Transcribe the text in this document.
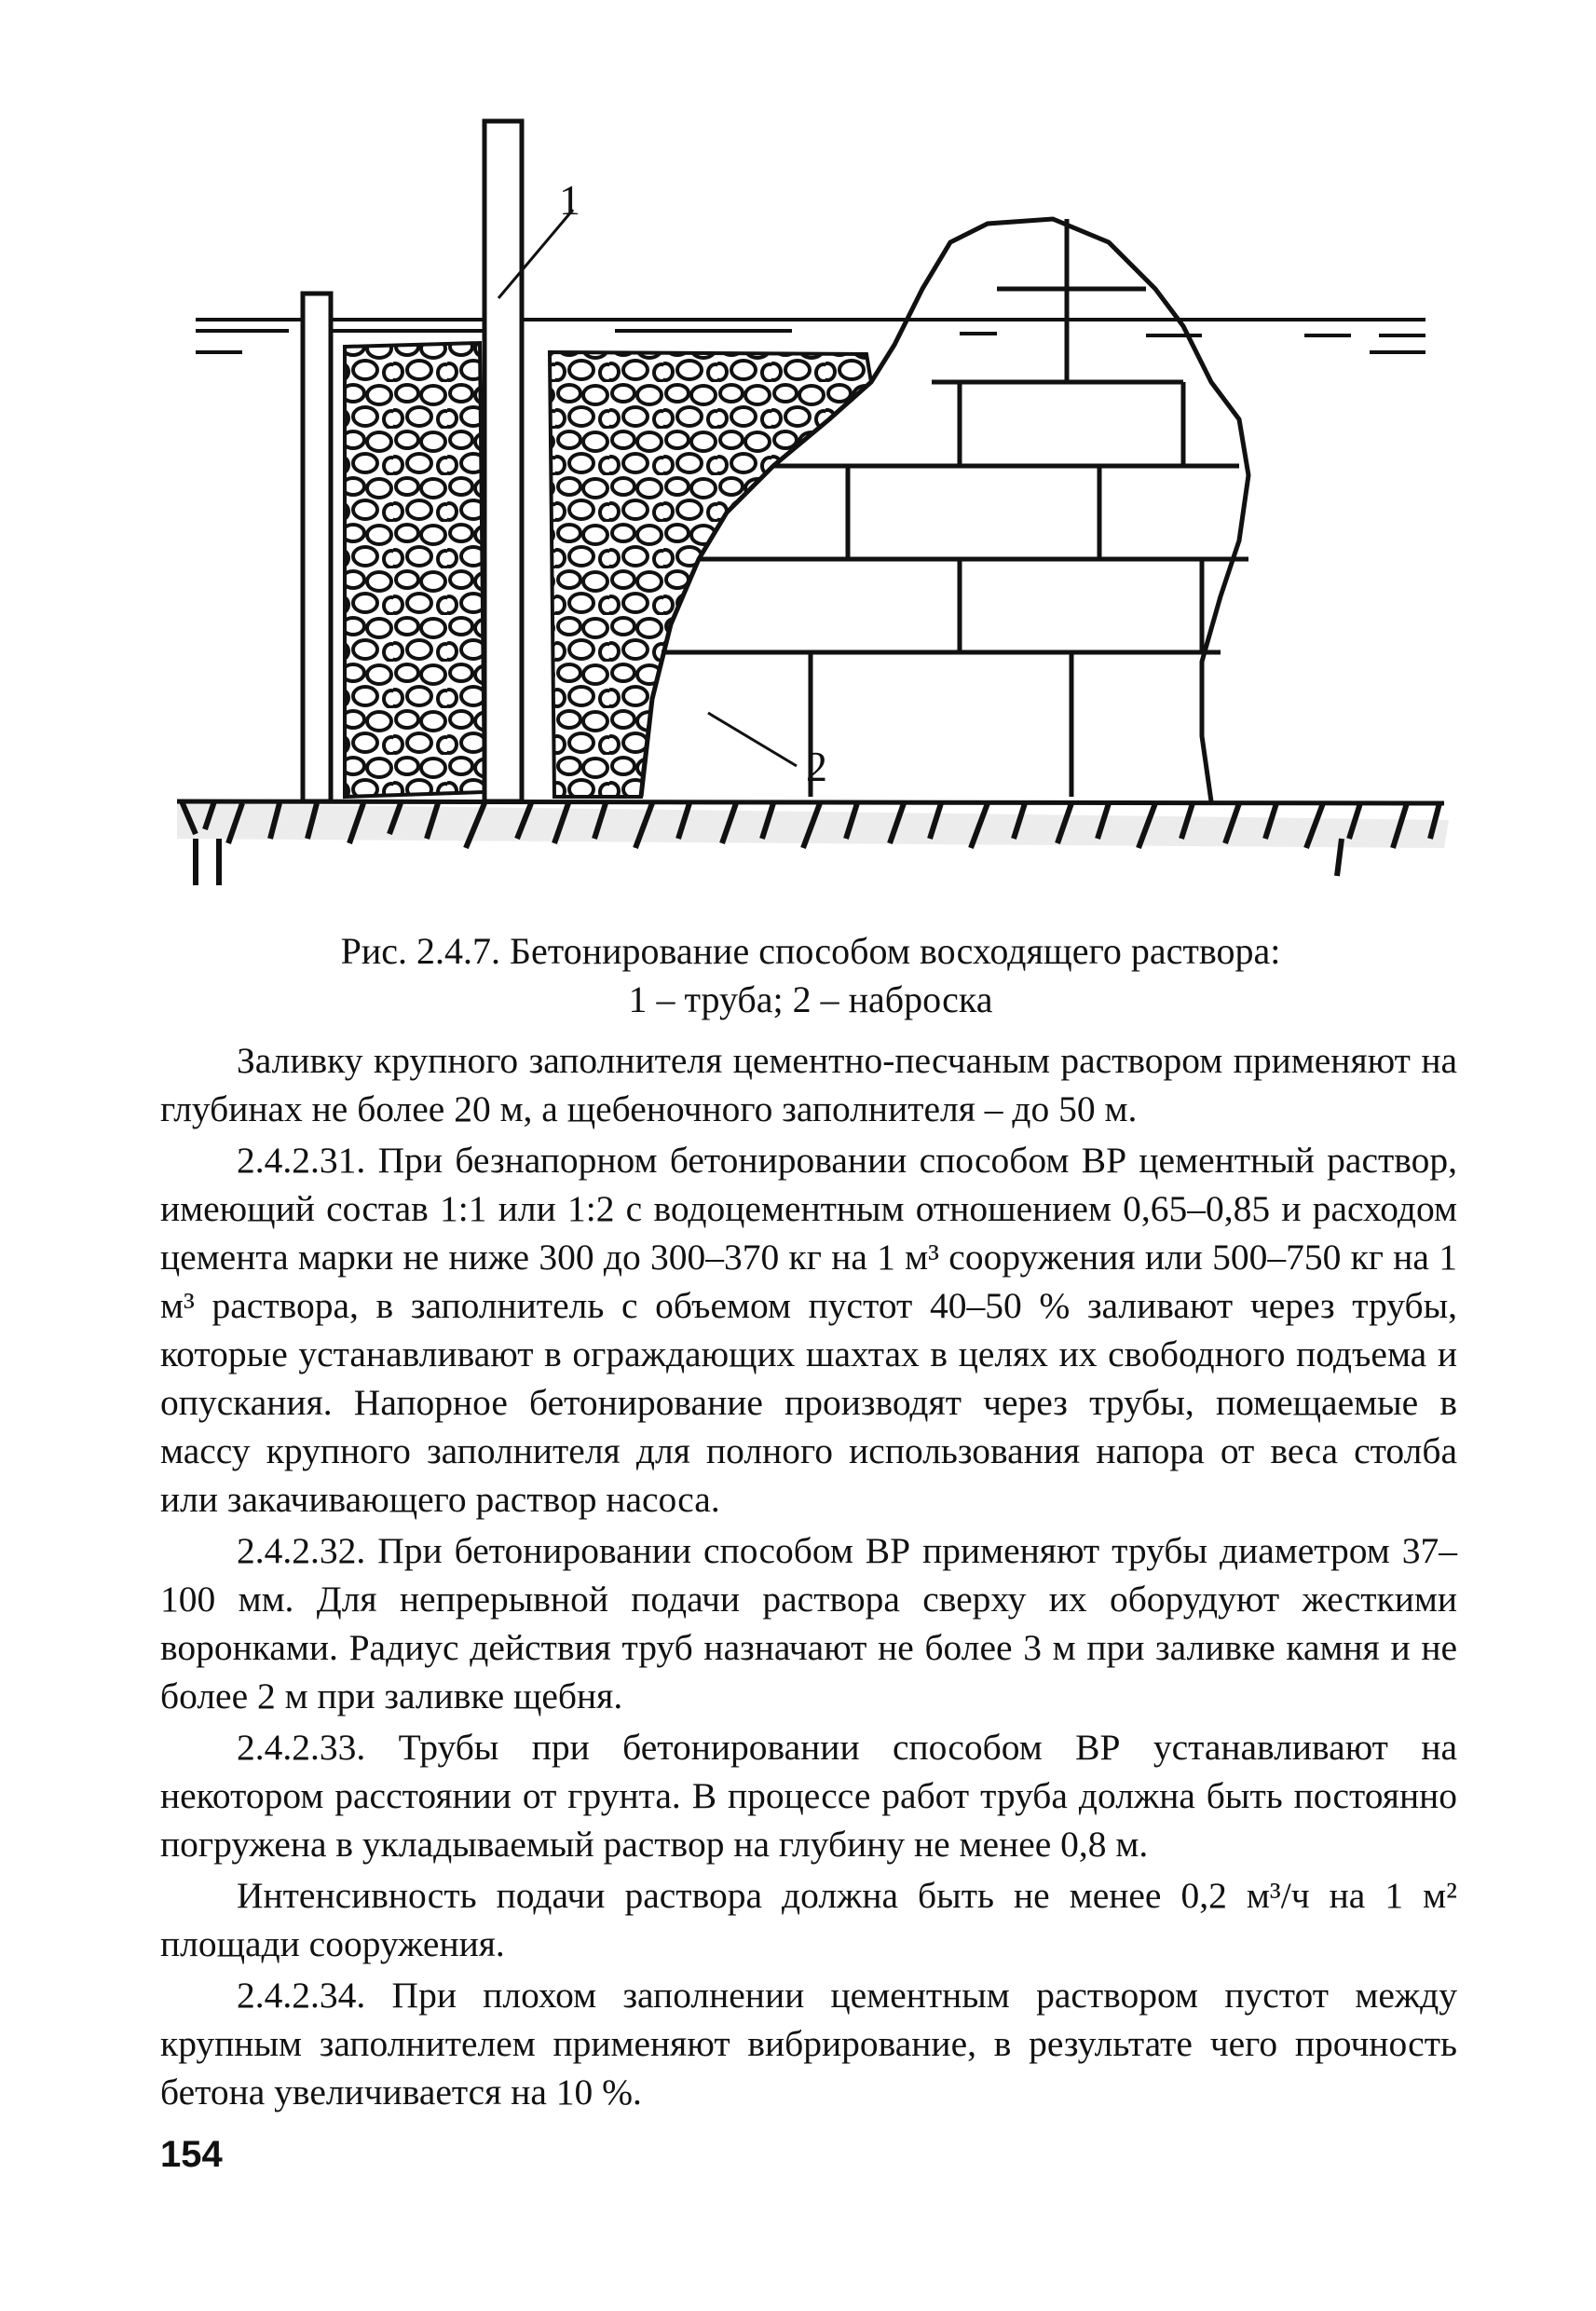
1
2
Рис. 2.4.7. Бетонирование способом восходящего раствора:
1 – труба; 2 – наброска

Заливку крупного заполнителя цементно-песчаным раствором применяют на глубинах не более 20 м, а щебеночного заполнителя – до 50 м.

2.4.2.31. При безнапорном бетонировании способом ВР цементный раствор, имеющий состав 1:1 или 1:2 с водоцементным отношением 0,65–0,85 и расходом цемента марки не ниже 300 до 300–370 кг на 1 м³ сооружения или 500–750 кг на 1 м³ раствора, в заполнитель с объемом пустот 40–50 % заливают через трубы, которые устанавливают в ограждающих шахтах в целях их свободного подъема и опускания. Напорное бетонирование производят через трубы, помещаемые в массу крупного заполнителя для полного использования напора от веса столба или закачивающего раствор насоса.

2.4.2.32. При бетонировании способом ВР применяют трубы диаметром 37–100 мм. Для непрерывной подачи раствора сверху их оборудуют жесткими воронками. Радиус действия труб назначают не более 3 м при заливке камня и не более 2 м при заливке щебня.

2.4.2.33. Трубы при бетонировании способом ВР устанавливают на некотором расстоянии от грунта. В процессе работ труба должна быть постоянно погружена в укладываемый раствор на глубину не менее 0,8 м.

Интенсивность подачи раствора должна быть не менее 0,2 м³/ч на 1 м² площади сооружения.

2.4.2.34. При плохом заполнении цементным раствором пустот между крупным заполнителем применяют вибрирование, в результате чего прочность бетона увеличивается на 10 %.

154
